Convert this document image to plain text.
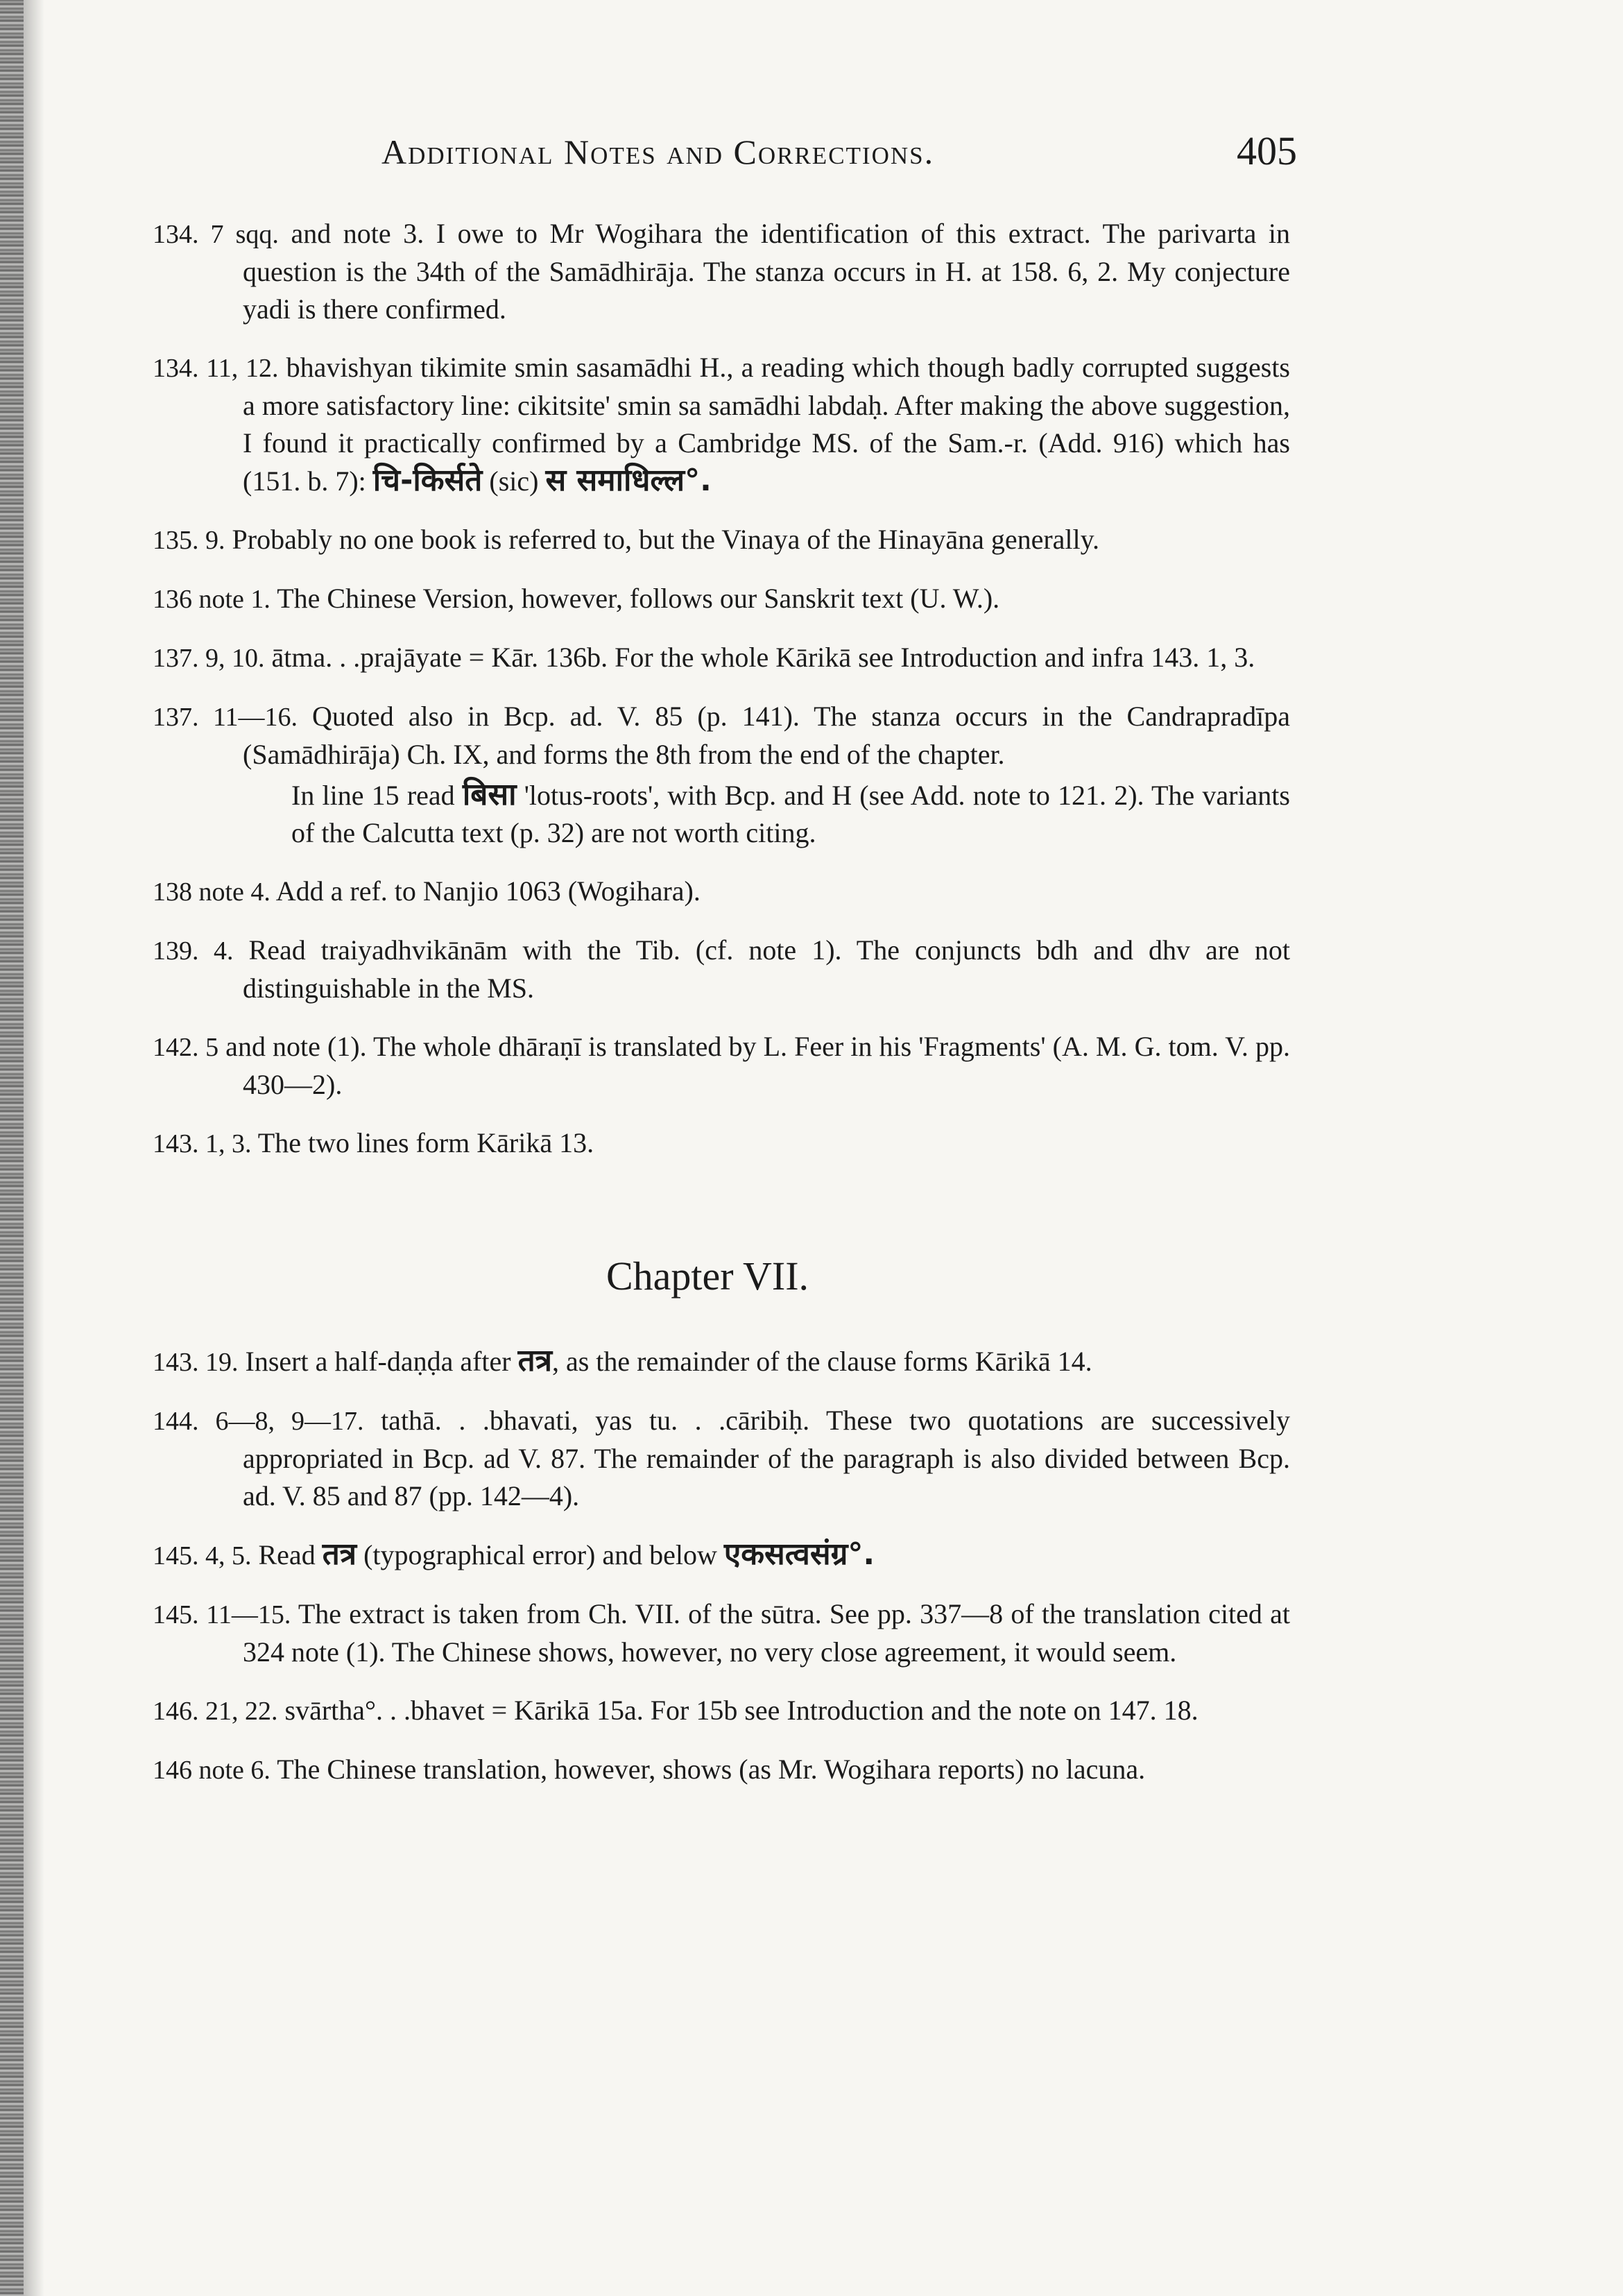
Additional Notes and Corrections.	405
134. 7 sqq. and note 3. I owe to Mr Wogihara the identification of this extract. The parivarta in question is the 34th of the Samādhirāja. The stanza occurs in H. at 158. 6, 2. My conjecture yadi is there confirmed.
134. 11, 12. bhavishyan tikimite smin sasamādhi H., a reading which though badly corrupted suggests a more satisfactory line: cikitsite' smin sa samādhi labdaḥ. After making the above suggestion, I found it practically confirmed by a Cambridge MS. of the Sam.-r. (Add. 916) which has (151. b. 7): चि-किर्सते (sic) स समाधिल्ल°.
135. 9. Probably no one book is referred to, but the Vinaya of the Hinayāna generally.
136 note 1. The Chinese Version, however, follows our Sanskrit text (U. W.).
137. 9, 10. ātma. . .prajāyate = Kār. 136b. For the whole Kārikā see Introduction and infra 143. 1, 3.
137. 11—16. Quoted also in Bcp. ad. V. 85 (p. 141). The stanza occurs in the Candrapradīpa (Samādhirāja) Ch. IX, and forms the 8th from the end of the chapter.
In line 15 read बिसा 'lotus-roots', with Bcp. and H (see Add. note to 121. 2). The variants of the Calcutta text (p. 32) are not worth citing.
138 note 4. Add a ref. to Nanjio 1063 (Wogihara).
139. 4. Read traiyadhvikānām with the Tib. (cf. note 1). The conjuncts bdh and dhv are not distinguishable in the MS.
142. 5 and note (1). The whole dhāraṇī is translated by L. Feer in his 'Fragments' (A. M. G. tom. V. pp. 430—2).
143. 1, 3. The two lines form Kārikā 13.
Chapter VII.
143. 19. Insert a half-daṇḍa after तत्र, as the remainder of the clause forms Kārikā 14.
144. 6—8, 9—17. tathā. . .bhavati, yas tu. . .cāribiḥ. These two quotations are successively appropriated in Bcp. ad V. 87. The remainder of the paragraph is also divided between Bcp. ad. V. 85 and 87 (pp. 142—4).
145. 4, 5. Read तत्र (typographical error) and below एकसत्वसंग्र°.
145. 11—15. The extract is taken from Ch. VII. of the sūtra. See pp. 337—8 of the translation cited at 324 note (1). The Chinese shows, however, no very close agreement, it would seem.
146. 21, 22. svārtha°. . .bhavet = Kārikā 15a. For 15b see Introduction and the note on 147. 18.
146 note 6. The Chinese translation, however, shows (as Mr. Wogihara reports) no lacuna.
